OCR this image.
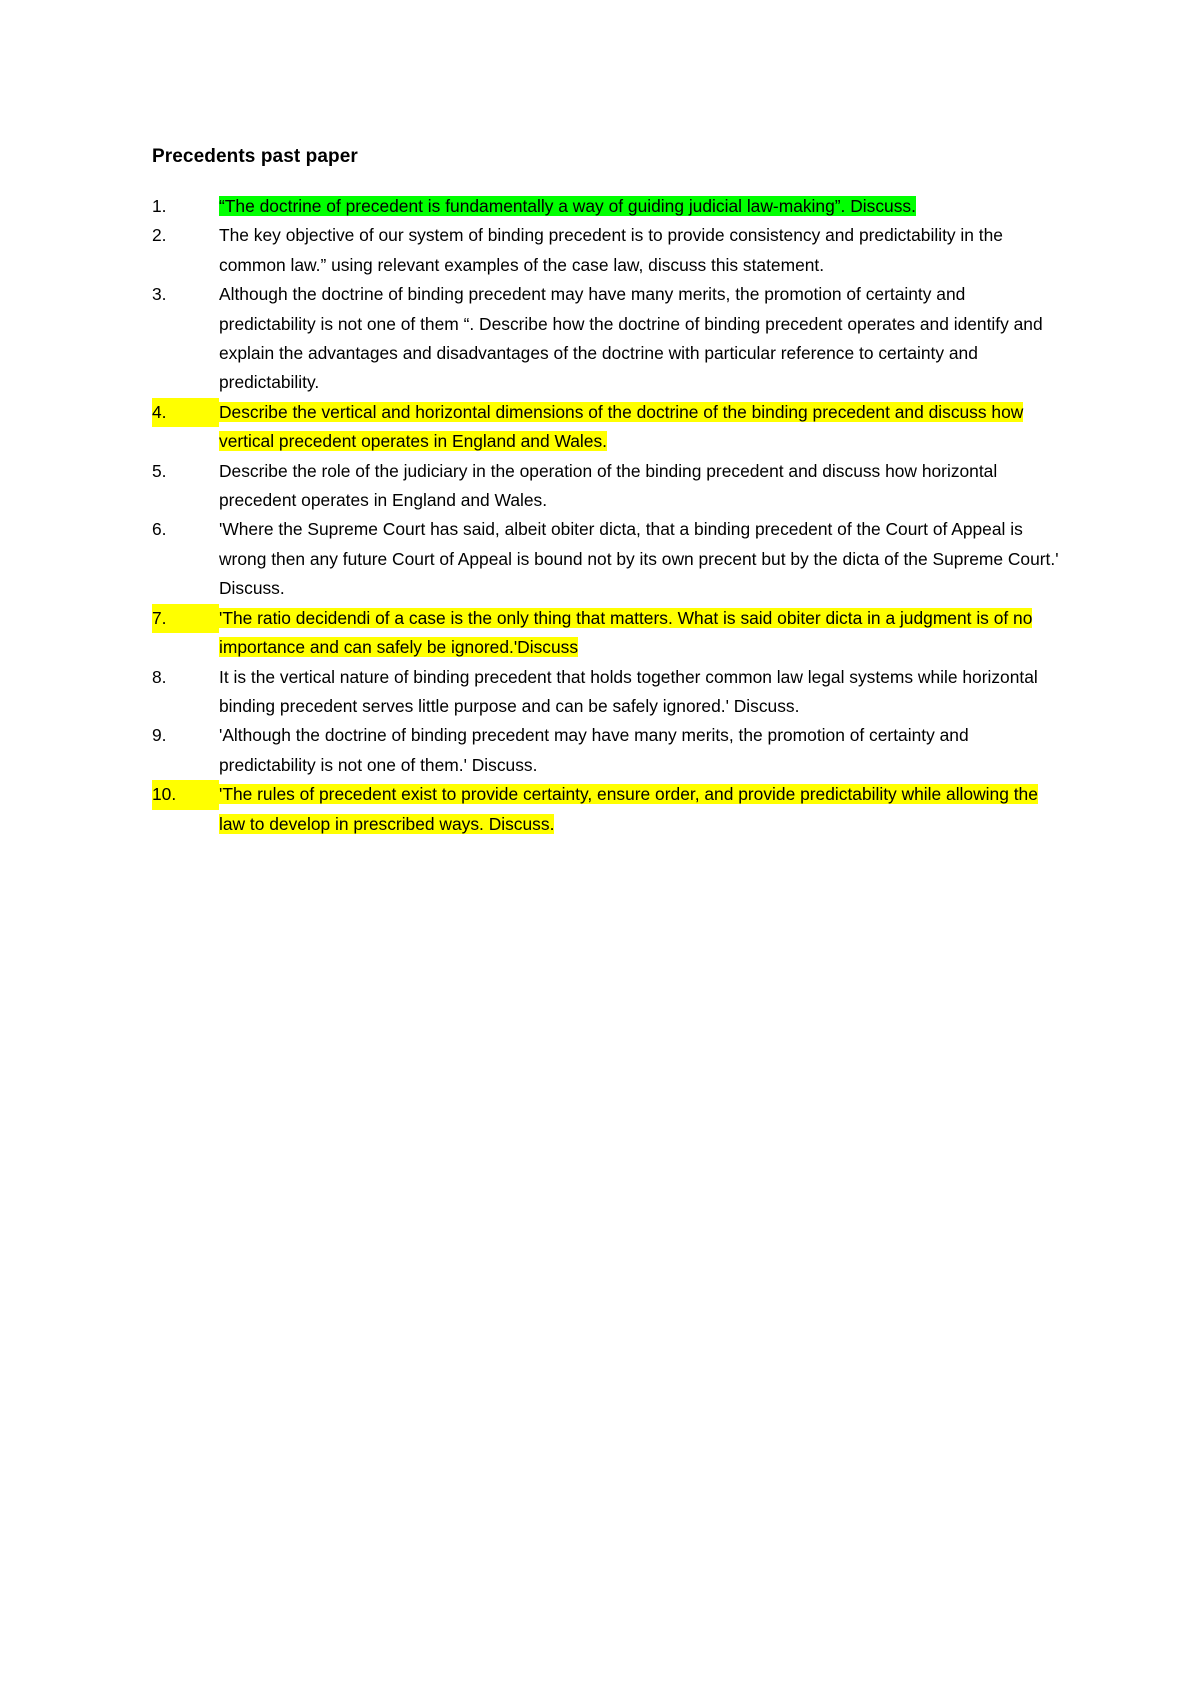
Precedents past paper
1.	“The doctrine of precedent is fundamentally a way of guiding judicial law-making”. Discuss.
2.	The key objective of our system of binding precedent is to provide consistency and predictability in the common law.” using relevant examples of the case law, discuss this statement.
3.	Although the doctrine of binding precedent may have many merits, the promotion of certainty and predictability is not one of them “. Describe how the doctrine of binding precedent operates and identify and explain the advantages and disadvantages of the doctrine with particular reference to certainty and predictability.
4.	Describe the vertical and horizontal dimensions of the doctrine of the binding precedent and discuss how vertical precedent operates in England and Wales.
5.	Describe the role of the judiciary in the operation of the binding precedent and discuss how horizontal precedent operates in England and Wales.
6.	'Where the Supreme Court has said, albeit obiter dicta, that a binding precedent of the Court of Appeal is wrong then any future Court of Appeal is bound not by its own precent but by the dicta of the Supreme Court.' Discuss.
7.	'The ratio decidendi of a case is the only thing that matters. What is said obiter dicta in a judgment is of no importance and can safely be ignored.'Discuss
8.	It is the vertical nature of binding precedent that holds together common law legal systems while horizontal binding precedent serves little purpose and can be safely ignored.' Discuss.
9.	'Although the doctrine of binding precedent may have many merits, the promotion of certainty and predictability is not one of them.' Discuss.
10.	'The rules of precedent exist to provide certainty, ensure order, and provide predictability while allowing the law to develop in prescribed ways. Discuss.
